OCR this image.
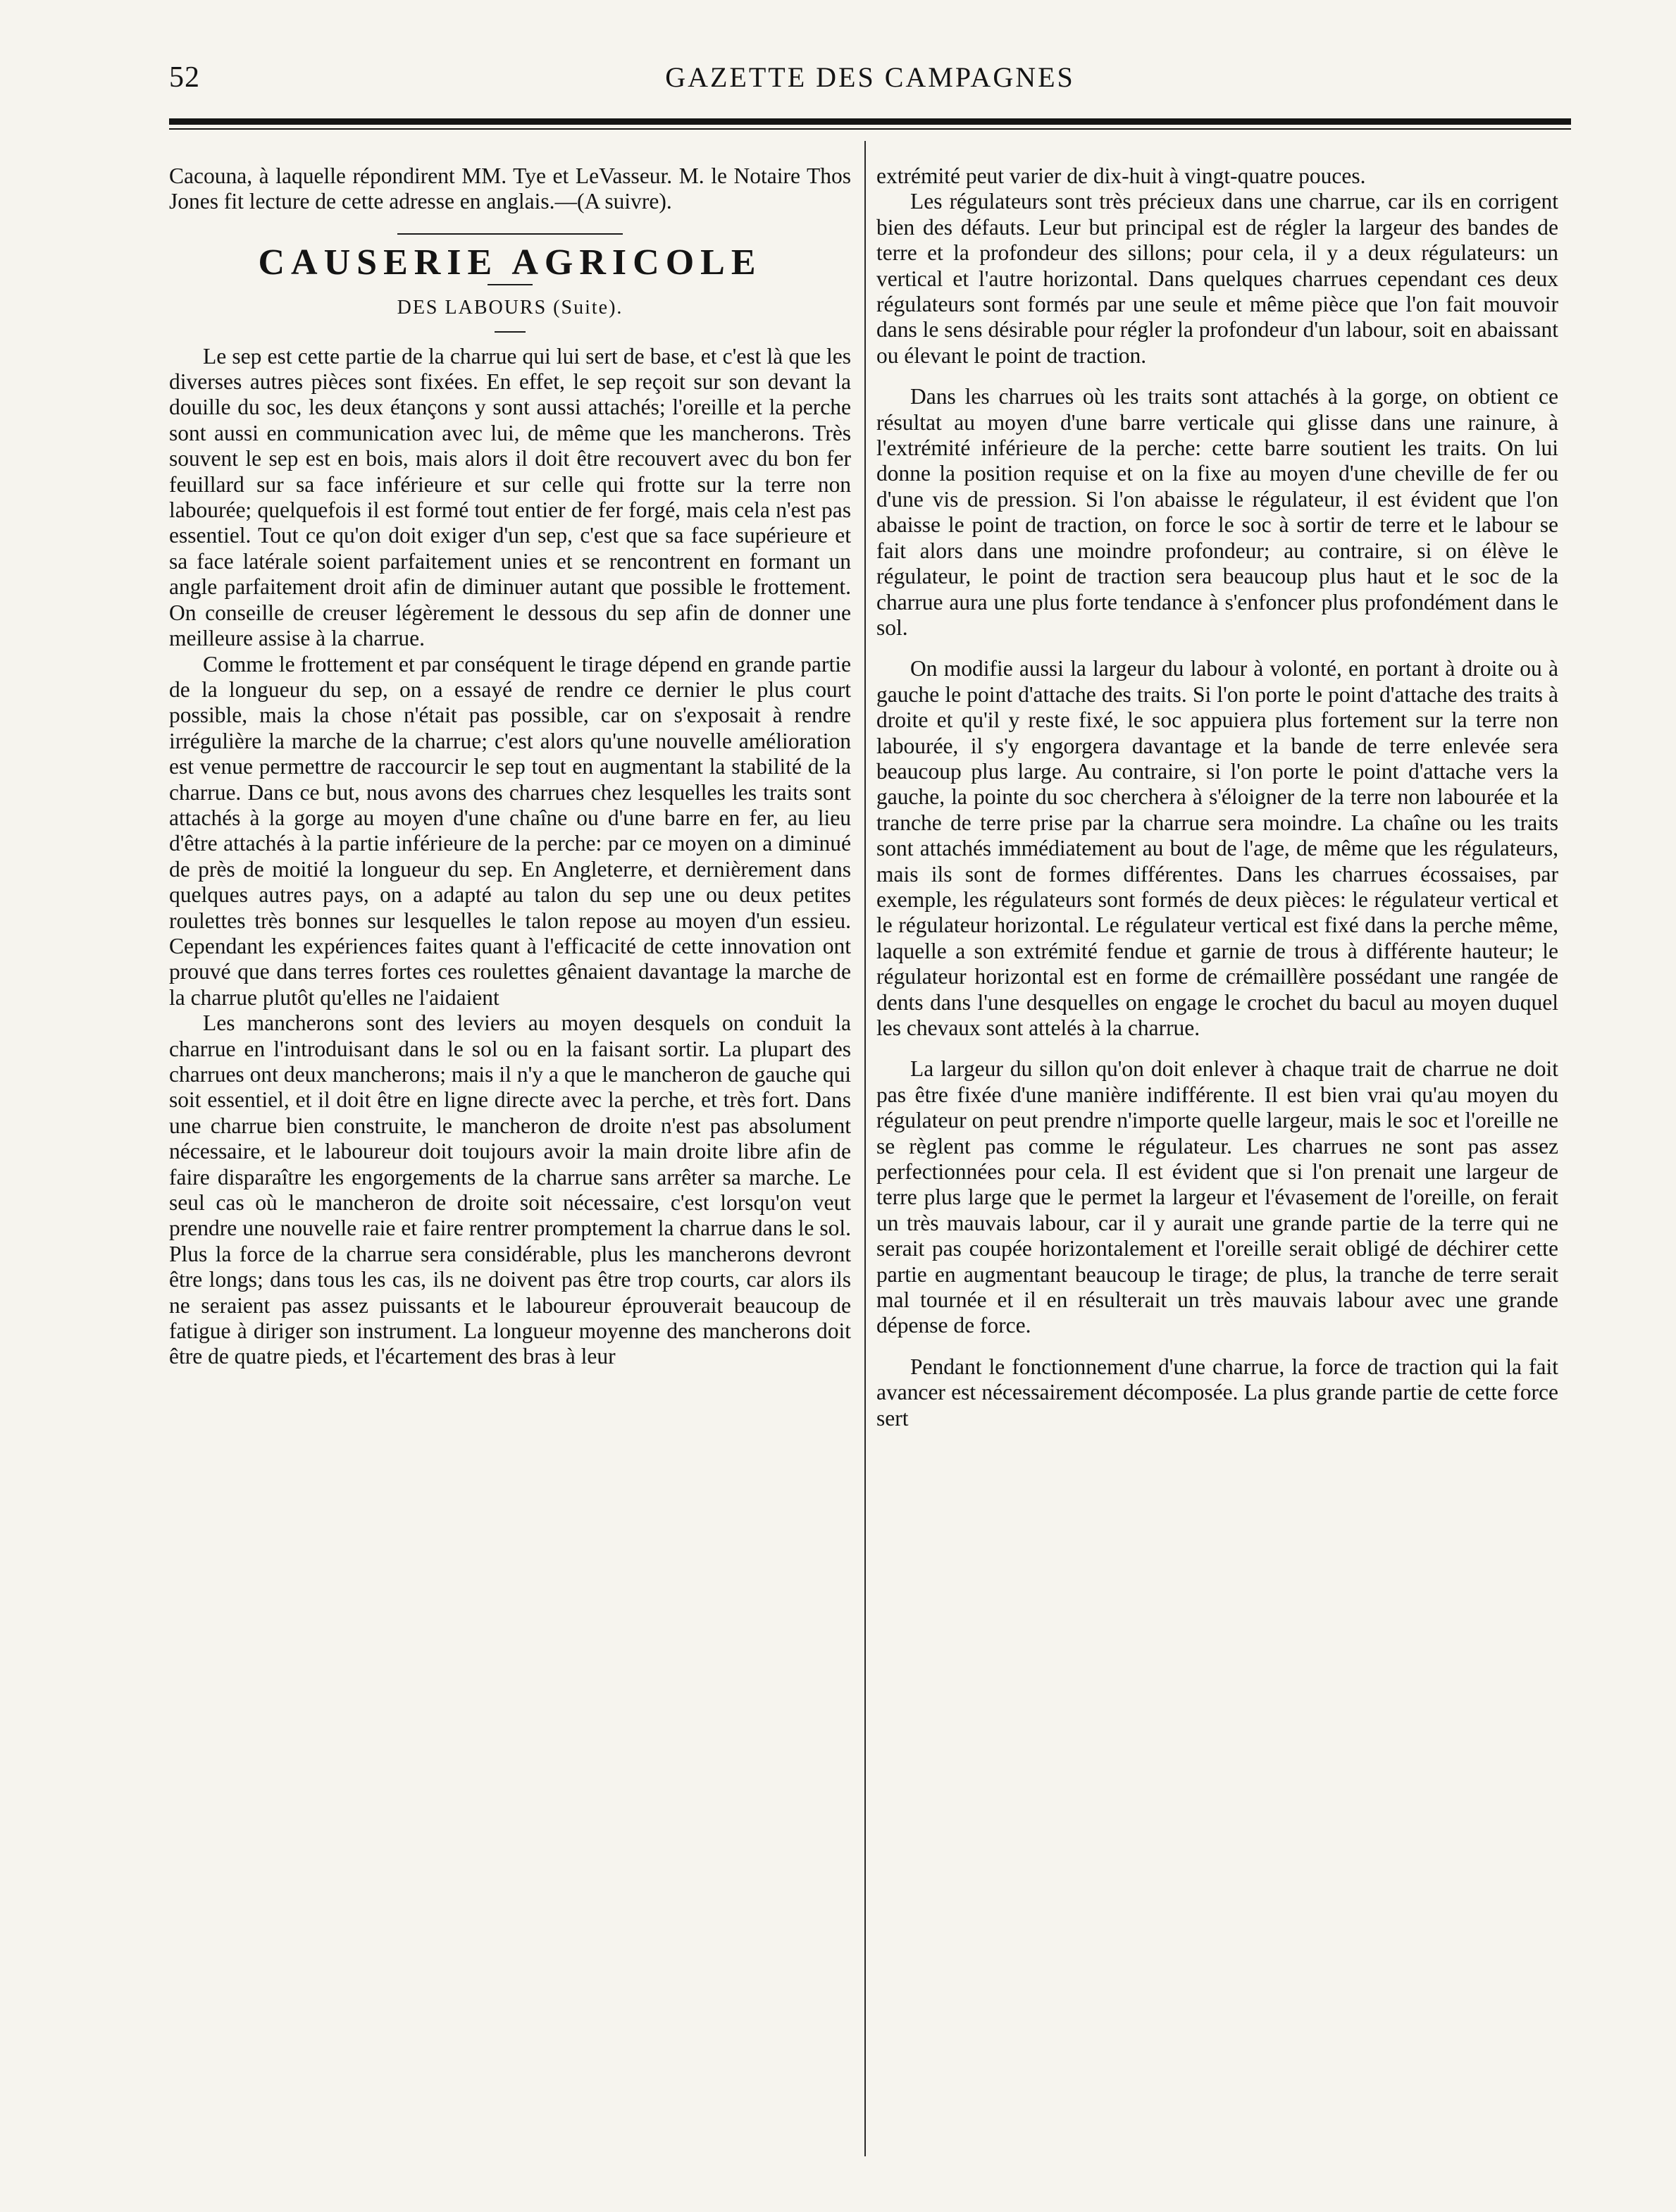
52	GAZETTE DES CAMPAGNES

Cacouna, à laquelle répondirent MM. Tye et LeVasseur. M. le Notaire Thos Jones fit lecture de cette adresse en anglais.—(A suivre).

CAUSERIE AGRICOLE
DES LABOURS (Suite).

Le sep est cette partie de la charrue qui lui sert de base, et c'est là que les diverses autres pièces sont fixées. En effet, le sep reçoit sur son devant la douille du soc, les deux étançons y sont aussi attachés; l'oreille et la perche sont aussi en communication avec lui, de même que les mancherons. Très souvent le sep est en bois, mais alors il doit être recouvert avec du bon fer feuillard sur sa face inférieure et sur celle qui frotte sur la terre non labourée; quelquefois il est formé tout entier de fer forgé, mais cela n'est pas essentiel. Tout ce qu'on doit exiger d'un sep, c'est que sa face supérieure et sa face latérale soient parfaitement unies et se rencontrent en formant un angle parfaitement droit afin de diminuer autant que possible le frottement. On conseille de creuser légèrement le dessous du sep afin de donner une meilleure assise à la charrue.

Comme le frottement et par conséquent le tirage dépend en grande partie de la longueur du sep, on a essayé de rendre ce dernier le plus court possible, mais la chose n'était pas possible, car on s'exposait à rendre irrégulière la marche de la charrue; c'est alors qu'une nouvelle amélioration est venue permettre de raccourcir le sep tout en augmentant la stabilité de la charrue. Dans ce but, nous avons des charrues chez lesquelles les traits sont attachés à la gorge au moyen d'une chaîne ou d'une barre en fer, au lieu d'être attachés à la partie inférieure de la perche: par ce moyen on a diminué de près de moitié la longueur du sep. En Angleterre, et dernièrement dans quelques autres pays, on a adapté au talon du sep une ou deux petites roulettes très bonnes sur lesquelles le talon repose au moyen d'un essieu. Cependant les expériences faites quant à l'efficacité de cette innovation ont prouvé que dans terres fortes ces roulettes gênaient davantage la marche de la charrue plutôt qu'elles ne l'aidaient

Les mancherons sont des leviers au moyen desquels on conduit la charrue en l'introduisant dans le sol ou en la faisant sortir. La plupart des charrues ont deux mancherons; mais il n'y a que le mancheron de gauche qui soit essentiel, et il doit être en ligne directe avec la perche, et très fort. Dans une charrue bien construite, le mancheron de droite n'est pas absolument nécessaire, et le laboureur doit toujours avoir la main droite libre afin de faire disparaître les engorgements de la charrue sans arrêter sa marche. Le seul cas où le mancheron de droite soit nécessaire, c'est lorsqu'on veut prendre une nouvelle raie et faire rentrer promptement la charrue dans le sol. Plus la force de la charrue sera considérable, plus les mancherons devront être longs; dans tous les cas, ils ne doivent pas être trop courts, car alors ils ne seraient pas assez puissants et le laboureur éprouverait beaucoup de fatigue à diriger son instrument. La longueur moyenne des mancherons doit être de quatre pieds, et l'écartement des bras à leur

extrémité peut varier de dix-huit à vingt-quatre pouces.

Les régulateurs sont très précieux dans une charrue, car ils en corrigent bien des défauts. Leur but principal est de régler la largeur des bandes de terre et la profondeur des sillons; pour cela, il y a deux régulateurs: un vertical et l'autre horizontal. Dans quelques charrues cependant ces deux régulateurs sont formés par une seule et même pièce que l'on fait mouvoir dans le sens désirable pour régler la profondeur d'un labour, soit en abaissant ou élevant le point de traction.

Dans les charrues où les traits sont attachés à la gorge, on obtient ce résultat au moyen d'une barre verticale qui glisse dans une rainure, à l'extrémité inférieure de la perche: cette barre soutient les traits. On lui donne la position requise et on la fixe au moyen d'une cheville de fer ou d'une vis de pression. Si l'on abaisse le régulateur, il est évident que l'on abaisse le point de traction, on force le soc à sortir de terre et le labour se fait alors dans une moindre profondeur; au contraire, si on élève le régulateur, le point de traction sera beaucoup plus haut et le soc de la charrue aura une plus forte tendance à s'enfoncer plus profondément dans le sol.

On modifie aussi la largeur du labour à volonté, en portant à droite ou à gauche le point d'attache des traits. Si l'on porte le point d'attache des traits à droite et qu'il y reste fixé, le soc appuiera plus fortement sur la terre non labourée, il s'y engorgera davantage et la bande de terre enlevée sera beaucoup plus large. Au contraire, si l'on porte le point d'attache vers la gauche, la pointe du soc cherchera à s'éloigner de la terre non labourée et la tranche de terre prise par la charrue sera moindre. La chaîne ou les traits sont attachés immédiatement au bout de l'age, de même que les régulateurs, mais ils sont de formes différentes. Dans les charrues écossaises, par exemple, les régulateurs sont formés de deux pièces: le régulateur vertical et le régulateur horizontal. Le régulateur vertical est fixé dans la perche même, laquelle a son extrémité fendue et garnie de trous à différente hauteur; le régulateur horizontal est en forme de crémaillère possédant une rangée de dents dans l'une desquelles on engage le crochet du bacul au moyen duquel les chevaux sont attelés à la charrue.

La largeur du sillon qu'on doit enlever à chaque trait de charrue ne doit pas être fixée d'une manière indifférente. Il est bien vrai qu'au moyen du régulateur on peut prendre n'importe quelle largeur, mais le soc et l'oreille ne se règlent pas comme le régulateur. Les charrues ne sont pas assez perfectionnées pour cela. Il est évident que si l'on prenait une largeur de terre plus large que le permet la largeur et l'évasement de l'oreille, on ferait un très mauvais labour, car il y aurait une grande partie de la terre qui ne serait pas coupée horizontalement et l'oreille serait obligé de déchirer cette partie en augmentant beaucoup le tirage; de plus, la tranche de terre serait mal tournée et il en résulterait un très mauvais labour avec une grande dépense de force.

Pendant le fonctionnement d'une charrue, la force de traction qui la fait avancer est nécessairement décomposée. La plus grande partie de cette force sert
